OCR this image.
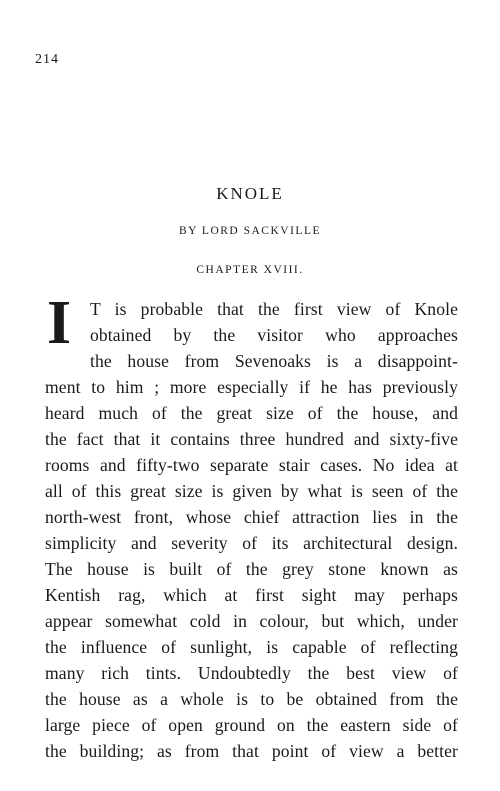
214
KNOLE
BY LORD SACKVILLE
CHAPTER XVIII.
I T is probable that the first view of Knole
obtained by the visitor who approaches
the house from Sevenoaks is a disappoint-
ment to him ; more especially if he has previously
heard much of the great size of the house, and
the fact that it contains three hundred and sixty-five
rooms and fifty-two separate stair cases. No idea at
all of this great size is given by what is seen of the
north-west front, whose chief attraction lies in the
simplicity and severity of its architectural design.
The house is built of the grey stone known as
Kentish rag, which at first sight may perhaps
appear somewhat cold in colour, but which, under
the influence of sunlight, is capable of reflecting
many rich tints. Undoubtedly the best view of
the house as a whole is to be obtained from the
large piece of open ground on the eastern side of
the building; as from that point of view a better
